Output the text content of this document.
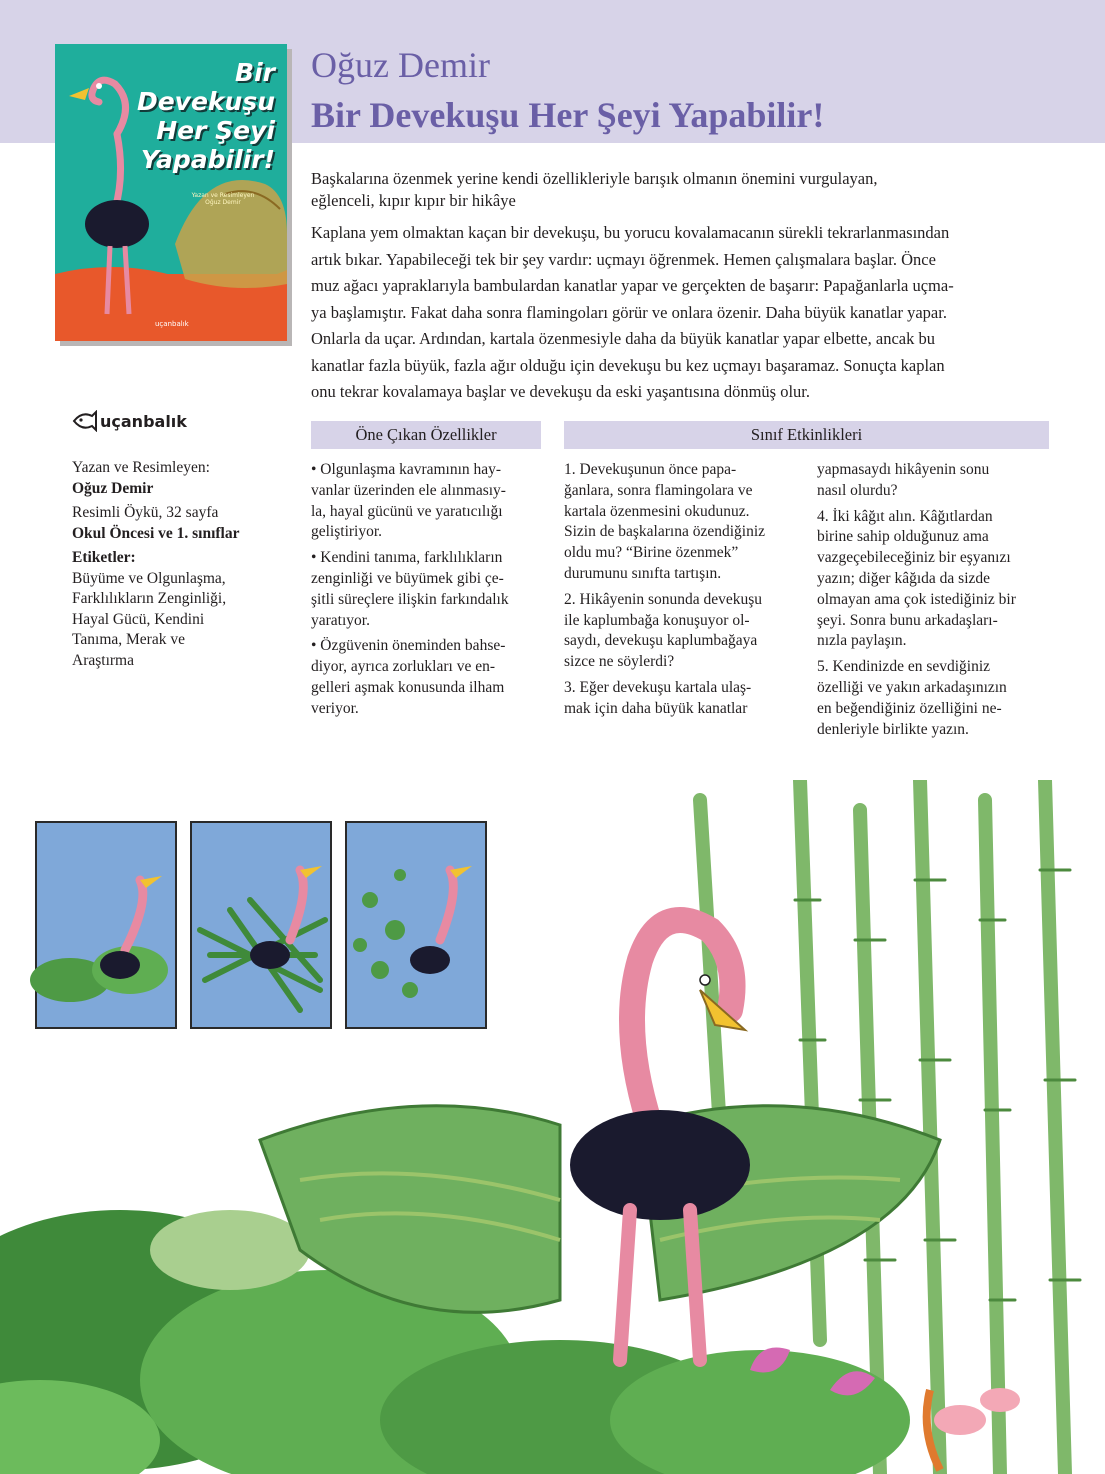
Oğuz Demir
Bir Devekuşu Her Şeyi Yapabilir!
Bir
Devekuşu
Her Şeyi
Yapabilir!
Yazan ve Resimleyen Oğuz Demir
uçanbalık
uçanbalık
Yazan ve Resimleyen:
Oğuz Demir
Resimli Öykü, 32 sayfa
Okul Öncesi ve 1. sınıflar
Etiketler:
Büyüme ve Olgunlaşma,
Farklılıkların Zenginliği,
Hayal Gücü, Kendini
Tanıma, Merak ve
Araştırma
Başkalarına özenmek yerine kendi özellikleriyle barışık olmanın önemini vurgulayan,
eğlenceli, kıpır kıpır bir hikâye
Kaplana yem olmaktan kaçan bir devekuşu, bu yorucu kovalamacanın sürekli tekrarlanmasından
artık bıkar. Yapabileceği tek bir şey vardır: uçmayı öğrenmek. Hemen çalışmalara başlar. Önce
muz ağacı yapraklarıyla bambulardan kanatlar yapar ve gerçekten de başarır: Papağanlarla uçma-
ya başlamıştır. Fakat daha sonra flamingoları görür ve onlara özenir. Daha büyük kanatlar yapar.
Onlarla da uçar. Ardından, kartala özenmesiyle daha da büyük kanatlar yapar elbette, ancak bu
kanatlar fazla büyük, fazla ağır olduğu için devekuşu bu kez uçmayı başaramaz. Sonuçta kaplan
onu tekrar kovalamaya başlar ve devekuşu da eski yaşantısına dönmüş olur.
Öne Çıkan Özellikler

• Olgunlaşma kavramının hay-
vanlar üzerinden ele alınmasıy-
la, hayal gücünü ve yaratıcılığı
geliştiriyor.

• Kendini tanıma, farklılıkların
zenginliği ve büyümek gibi çe-
şitli süreçlere ilişkin farkındalık
yaratıyor.

• Özgüvenin öneminden bahse-
diyor, ayrıca zorlukları ve en-
gelleri aşmak konusunda ilham
veriyor.

Sınıf Etkinlikleri

1. Devekuşunun önce papa-
ğanlara, sonra flamingolara ve
kartala özenmesini okudunuz.
Sizin de başkalarına özendiğiniz
oldu mu? “Birine özenmek”
durumunu sınıfta tartışın.

2. Hikâyenin sonunda devekuşu
ile kaplumbağa konuşuyor ol-
saydı, devekuşu kaplumbağaya
sizce ne söylerdi?

3. Eğer devekuşu kartala ulaş-
mak için daha büyük kanatlar

yapmasaydı hikâyenin sonu
nasıl olurdu?

4. İki kâğıt alın. Kâğıtlardan
birine sahip olduğunuz ama
vazgeçebileceğiniz bir eşyanızı
yazın; diğer kâğıda da sizde
olmayan ama çok istediğiniz bir
şeyi. Sonra bunu arkadaşları-
nızla paylaşın.

5. Kendinizde en sevdiğiniz
özelliği ve yakın arkadaşınızın
en beğendiğiniz özelliğini ne-
denleriyle birlikte yazın.
